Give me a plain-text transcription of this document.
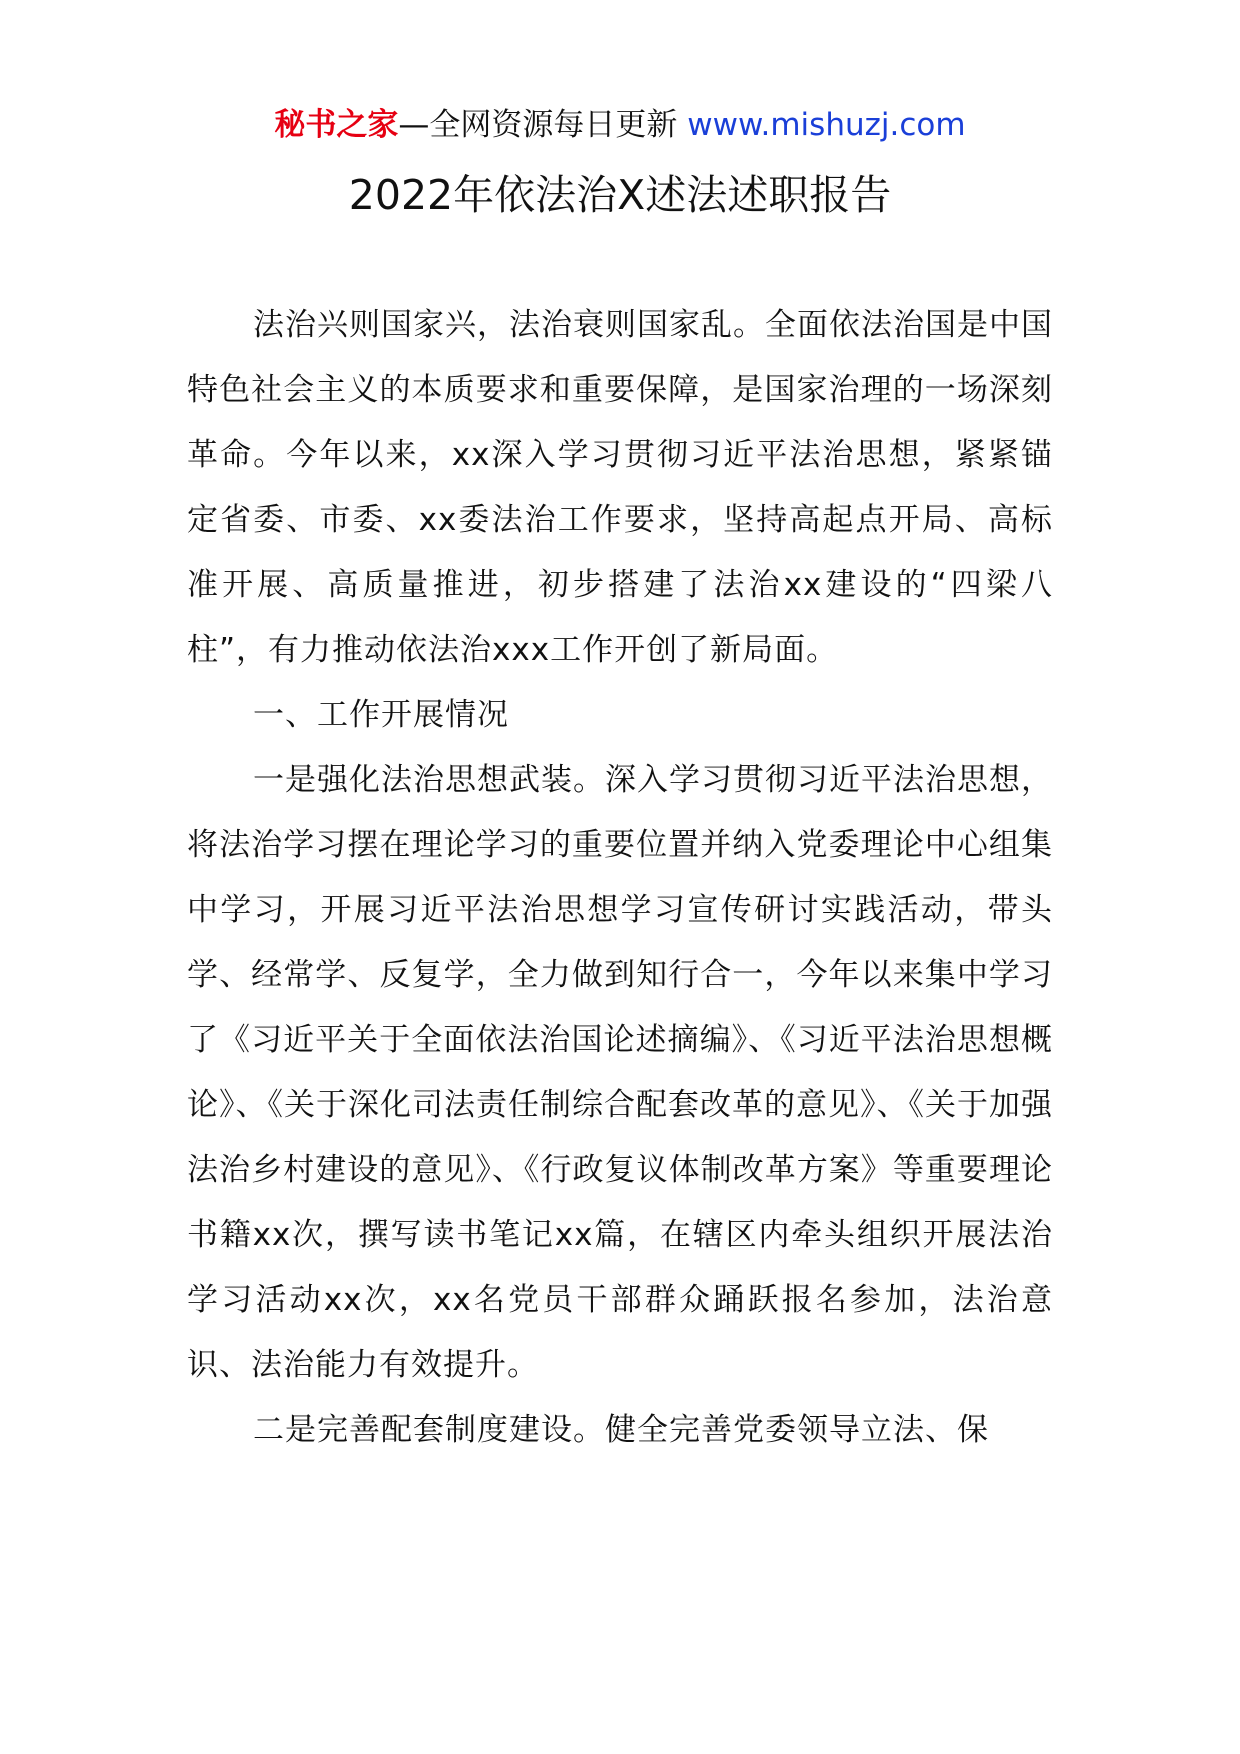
秘书之家—全网资源每日更新 www.mishuzj.com
2022年依法治X述法述职报告

法治兴则国家兴，法治衰则国家乱。全面依法治国是中国特色社会主义的本质要求和重要保障，是国家治理的一场深刻革命。今年以来，xx深入学习贯彻习近平法治思想，紧紧锚定省委、市委、xx委法治工作要求，坚持高起点开局、高标准开展、高质量推进，初步搭建了法治xx建设的“四梁八柱”，有力推动依法治xxx工作开创了新局面。

一、工作开展情况

一是强化法治思想武装。深入学习贯彻习近平法治思想，将法治学习摆在理论学习的重要位置并纳入党委理论中心组集中学习，开展习近平法治思想学习宣传研讨实践活动，带头学、经常学、反复学，全力做到知行合一，今年以来集中学习了《习近平关于全面依法治国论述摘编》、《习近平法治思想概论》、《关于深化司法责任制综合配套改革的意见》、《关于加强法治乡村建设的意见》、《行政复议体制改革方案》等重要理论书籍xx次，撰写读书笔记xx篇，在辖区内牵头组织开展法治学习活动xx次，xx名党员干部群众踊跃报名参加，法治意识、法治能力有效提升。

二是完善配套制度建设。健全完善党委领导立法、保
